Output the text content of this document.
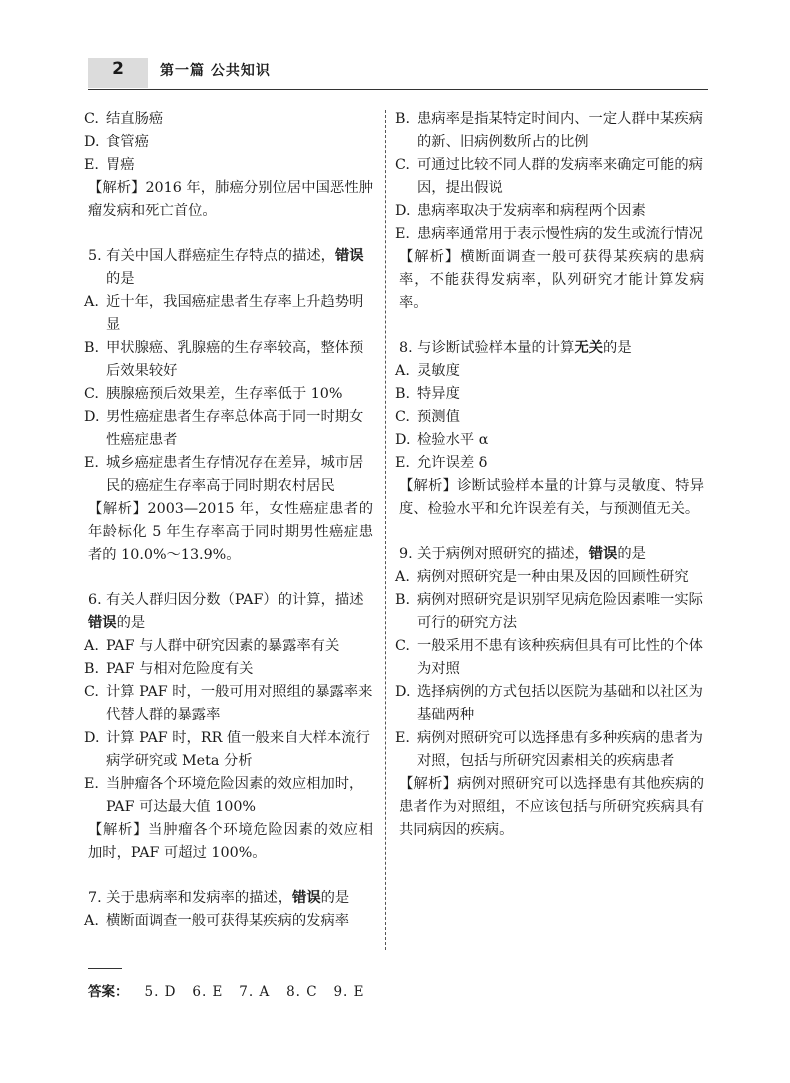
2	第一篇 公共知识
C. 结直肠癌
D. 食管癌
E. 胃癌
【解析】2016 年，肺癌分别位居中国恶性肿瘤发病和死亡首位。
5. 有关中国人群癌症生存特点的描述，错误
的是
A. 近十年，我国癌症患者生存率上升趋势明显
B. 甲状腺癌、乳腺癌的生存率较高，整体预后效果较好
C. 胰腺癌预后效果差，生存率低于 10%
D. 男性癌症患者生存率总体高于同一时期女性癌症患者
E. 城乡癌症患者生存情况存在差异，城市居民的癌症生存率高于同时期农村居民
【解析】2003—2015 年，女性癌症患者的年龄标化 5 年生存率高于同时期男性癌症患者的 10.0%～13.9%。
6. 有关人群归因分数（PAF）的计算，描述
错误的是
A. PAF 与人群中研究因素的暴露率有关
B. PAF 与相对危险度有关
C. 计算 PAF 时，一般可用对照组的暴露率来代替人群的暴露率
D. 计算 PAF 时，RR 值一般来自大样本流行病学研究或 Meta 分析
E. 当肿瘤各个环境危险因素的效应相加时，PAF 可达最大值 100%
【解析】当肿瘤各个环境危险因素的效应相加时，PAF 可超过 100%。
7. 关于患病率和发病率的描述，错误的是
A. 横断面调查一般可获得某疾病的发病率
B. 患病率是指某特定时间内、一定人群中某疾病的新、旧病例数所占的比例
C. 可通过比较不同人群的发病率来确定可能的病因，提出假说
D. 患病率取决于发病率和病程两个因素
E. 患病率通常用于表示慢性病的发生或流行情况
【解析】横断面调查一般可获得某疾病的患病率，不能获得发病率，队列研究才能计算发病率。
8. 与诊断试验样本量的计算无关的是
A. 灵敏度
B. 特异度
C. 预测值
D. 检验水平 α
E. 允许误差 δ
【解析】诊断试验样本量的计算与灵敏度、特异度、检验水平和允许误差有关，与预测值无关。
9. 关于病例对照研究的描述，错误的是
A. 病例对照研究是一种由果及因的回顾性研究
B. 病例对照研究是识别罕见病危险因素唯一实际可行的研究方法
C. 一般采用不患有该种疾病但具有可比性的个体为对照
D. 选择病例的方式包括以医院为基础和以社区为基础两种
E. 病例对照研究可以选择患有多种疾病的患者为对照，包括与所研究因素相关的疾病患者
【解析】病例对照研究可以选择患有其他疾病的患者作为对照组，不应该包括与所研究疾病具有共同病因的疾病。
答案： 5. D   6. E   7. A   8. C   9. E
